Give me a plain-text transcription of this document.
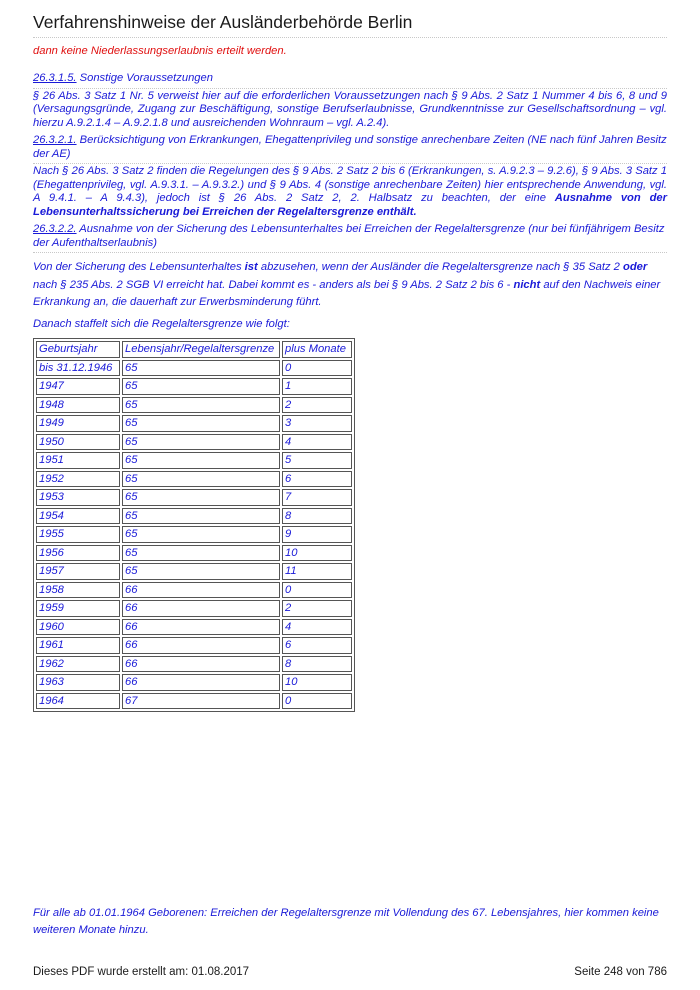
Verfahrenshinweise der Ausländerbehörde Berlin
dann keine Niederlassungserlaubnis erteilt werden.
26.3.1.5. Sonstige Voraussetzungen
§ 26 Abs. 3 Satz 1 Nr. 5 verweist hier auf die erforderlichen Voraussetzungen nach § 9 Abs. 2 Satz 1 Nummer 4 bis 6, 8 und 9 (Versagungsgründe, Zugang zur Beschäftigung, sonstige Berufserlaubnisse, Grundkenntnisse zur Gesellschaftsordnung – vgl. hierzu A.9.2.1.4 – A.9.2.1.8 und ausreichenden Wohnraum – vgl. A.2.4).
26.3.2.1. Berücksichtigung von Erkrankungen, Ehegattenprivileg und sonstige anrechenbare Zeiten (NE nach fünf Jahren Besitz der AE)
Nach § 26 Abs. 3 Satz 2 finden die Regelungen des § 9 Abs. 2 Satz 2 bis 6 (Erkrankungen, s. A.9.2.3 – 9.2.6), § 9 Abs. 3 Satz 1 (Ehegattenprivileg, vgl. A.9.3.1. – A.9.3.2.) und § 9 Abs. 4 (sonstige anrechenbare Zeiten) hier entsprechende Anwendung, vgl. A 9.4.1. – A 9.4.3), jedoch ist § 26 Abs. 2 Satz 2, 2. Halbsatz zu beachten, der eine Ausnahme von der Lebensunterhaltssicherung bei Erreichen der Regelaltersgrenze enthält.
26.3.2.2. Ausnahme von der Sicherung des Lebensunterhaltes bei Erreichen der Regelaltersgrenze (nur bei fünfjährigem Besitz der Aufenthaltserlaubnis)
Von der Sicherung des Lebensunterhaltes ist abzusehen, wenn der Ausländer die Regelaltersgrenze nach § 35 Satz 2 oder nach § 235 Abs. 2 SGB VI erreicht hat. Dabei kommt es - anders als bei § 9 Abs. 2 Satz 2 bis 6 - nicht auf den Nachweis einer Erkrankung an, die dauerhaft zur Erwerbsminderung führt.
Danach staffelt sich die Regelaltersgrenze wie folgt:
Geburtsjahr	Lebensjahr/Regelaltersgrenze	plus Monate
bis 31.12.1946	65	0
1947	65	1
1948	65	2
1949	65	3
1950	65	4
1951	65	5
1952	65	6
1953	65	7
1954	65	8
1955	65	9
1956	65	10
1957	65	11
1958	66	0
1959	66	2
1960	66	4
1961	66	6
1962	66	8
1963	66	10
1964	67	0
Für alle ab 01.01.1964 Geborenen: Erreichen der Regelaltersgrenze mit Vollendung des 67. Lebensjahres, hier kommen keine weiteren Monate hinzu.
Dieses PDF wurde erstellt am: 01.08.2017	Seite 248 von 786
